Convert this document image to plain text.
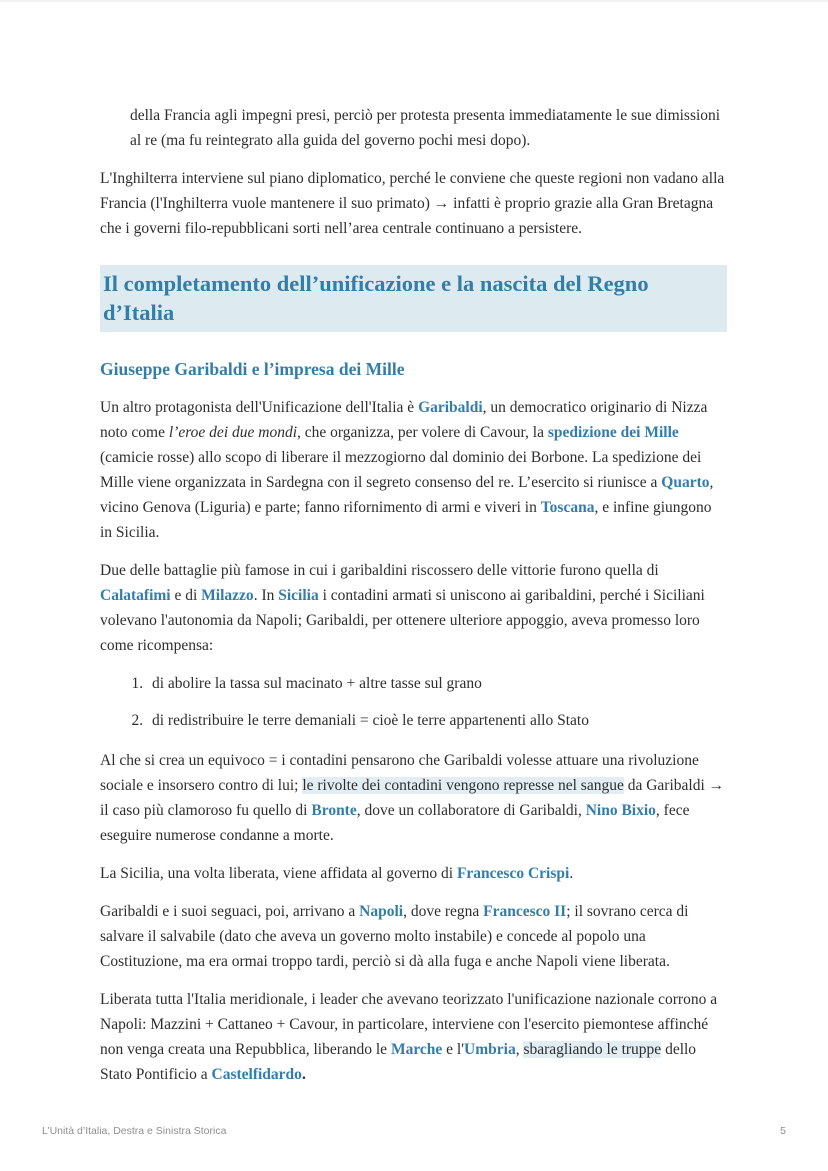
della Francia agli impegni presi, perciò per protesta presenta immediatamente le sue dimissioni al re (ma fu reintegrato alla guida del governo pochi mesi dopo).

L'Inghilterra interviene sul piano diplomatico, perché le conviene che queste regioni non vadano alla Francia (l'Inghilterra vuole mantenere il suo primato) → infatti è proprio grazie alla Gran Bretagna che i governi filo-repubblicani sorti nell’area centrale continuano a persistere.

Il completamento dell’unificazione e la nascita del Regno d’Italia
Giuseppe Garibaldi e l’impresa dei Mille

Un altro protagonista dell'Unificazione dell'Italia è Garibaldi, un democratico originario di Nizza noto come l’eroe dei due mondi, che organizza, per volere di Cavour, la spedizione dei Mille (camicie rosse) allo scopo di liberare il mezzogiorno dal dominio dei Borbone. La spedizione dei Mille viene organizzata in Sardegna con il segreto consenso del re. L’esercito si riunisce a Quarto, vicino Genova (Liguria) e parte; fanno rifornimento di armi e viveri in Toscana, e infine giungono in Sicilia.

Due delle battaglie più famose in cui i garibaldini riscossero delle vittorie furono quella di Calatafimi e di Milazzo. In Sicilia i contadini armati si uniscono ai garibaldini, perché i Siciliani volevano l'autonomia da Napoli; Garibaldi, per ottenere ulteriore appoggio, aveva promesso loro come ricompensa:

1. di abolire la tassa sul macinato + altre tasse sul grano
2. di redistribuire le terre demaniali = cioè le terre appartenenti allo Stato

Al che si crea un equivoco = i contadini pensarono che Garibaldi volesse attuare una rivoluzione sociale e insorsero contro di lui; le rivolte dei contadini vengono represse nel sangue da Garibaldi → il caso più clamoroso fu quello di Bronte, dove un collaboratore di Garibaldi, Nino Bixio, fece eseguire numerose condanne a morte.

La Sicilia, una volta liberata, viene affidata al governo di Francesco Crispi.

Garibaldi e i suoi seguaci, poi, arrivano a Napoli, dove regna Francesco II; il sovrano cerca di salvare il salvabile (dato che aveva un governo molto instabile) e concede al popolo una Costituzione, ma era ormai troppo tardi, perciò si dà alla fuga e anche Napoli viene liberata.

Liberata tutta l'Italia meridionale, i leader che avevano teorizzato l'unificazione nazionale corrono a Napoli: Mazzini + Cattaneo + Cavour, in particolare, interviene con l'esercito piemontese affinché non venga creata una Repubblica, liberando le Marche e l'Umbria, sbaragliando le truppe dello Stato Pontificio a Castelfidardo.

L’Unità d’Italia, Destra e Sinistra Storica	5
